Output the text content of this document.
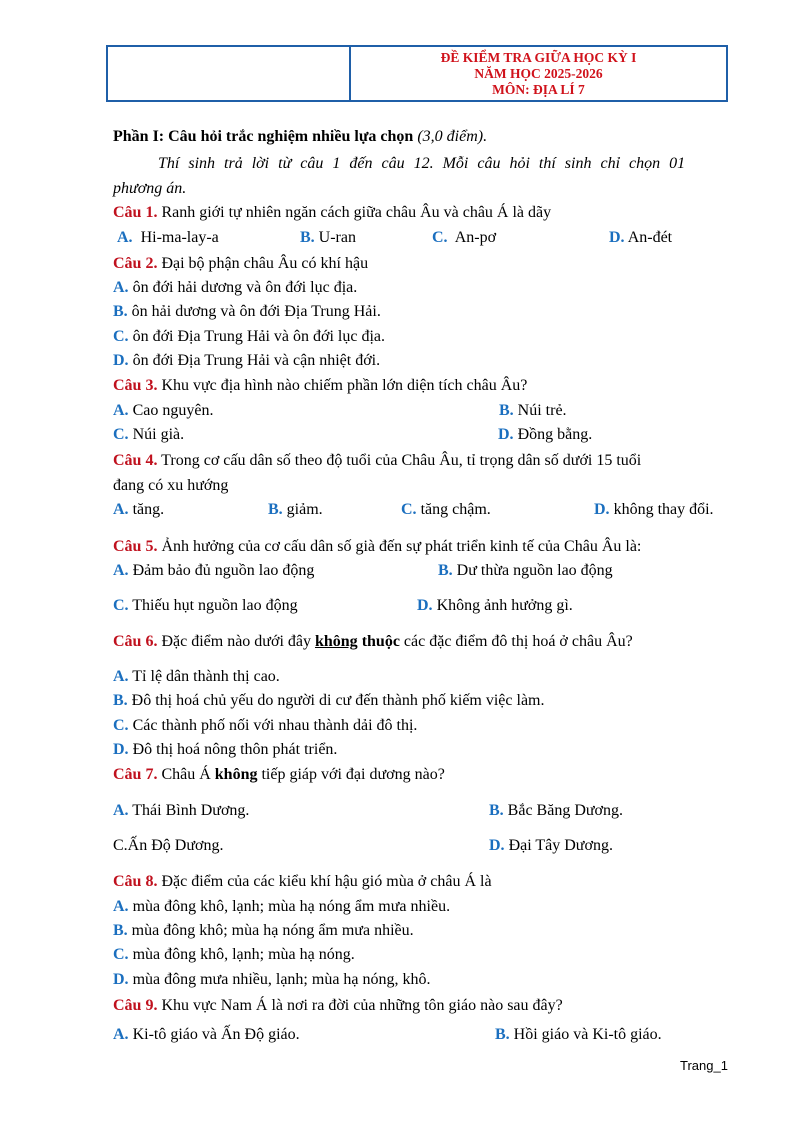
ĐỀ KIỂM TRA GIỮA HỌC KỲ I
NĂM HỌC 2025-2026
MÔN: ĐỊA LÍ 7
Phần I: Câu hỏi trắc nghiệm nhiều lựa chọn (3,0 điểm).
Thí sinh trả lời từ câu 1 đến câu 12. Mỗi câu hỏi thí sinh chỉ chọn 01
phương án.
Câu 1. Ranh giới tự nhiên ngăn cách giữa châu Âu và châu Á là dãy
A. Hi-ma-lay-a	B. U-ran	C. An-pơ	D. An-đét
Câu 2. Đại bộ phận châu Âu có khí hậu
A. ôn đới hải dương và ôn đới lục địa.
B. ôn hải dương và ôn đới Địa Trung Hải.
C. ôn đới Địa Trung Hải và ôn đới lục địa.
D. ôn đới Địa Trung Hải và cận nhiệt đới.
Câu 3. Khu vực địa hình nào chiếm phần lớn diện tích châu Âu?
A. Cao nguyên.	B. Núi trẻ.
C. Núi già.	D. Đồng bằng.
Câu 4. Trong cơ cấu dân số theo độ tuổi của Châu Âu, tỉ trọng dân số dưới 15 tuổi
đang có xu hướng
A. tăng.	B. giảm.	C. tăng chậm.	D. không thay đổi.
Câu 5. Ảnh hưởng của cơ cấu dân số già đến sự phát triển kinh tế của Châu Âu là:
A. Đảm bảo đủ nguồn lao động	B. Dư thừa nguồn lao động
C. Thiếu hụt nguồn lao động	D. Không ảnh hưởng gì.
Câu 6. Đặc điểm nào dưới đây không thuộc các đặc điểm đô thị hoá ở châu Âu?
A. Tỉ lệ dân thành thị cao.
B. Đô thị hoá chủ yếu do người di cư đến thành phố kiếm việc làm.
C. Các thành phố nối với nhau thành dải đô thị.
D. Đô thị hoá nông thôn phát triển.
Câu 7. Châu Á không tiếp giáp với đại dương nào?
A. Thái Bình Dương.	B. Bắc Băng Dương.
C.Ấn Độ Dương.	D. Đại Tây Dương.
Câu 8. Đặc điểm của các kiểu khí hậu gió mùa ở châu Á là
A. mùa đông khô, lạnh; mùa hạ nóng ẩm mưa nhiều.
B. mùa đông khô; mùa hạ nóng ẩm mưa nhiều.
C. mùa đông khô, lạnh; mùa hạ nóng.
D. mùa đông mưa nhiều, lạnh; mùa hạ nóng, khô.
Câu 9. Khu vực Nam Á là nơi ra đời của những tôn giáo nào sau đây?
A. Ki-tô giáo và Ấn Độ giáo.	B. Hồi giáo và Ki-tô giáo.
Trang_1
